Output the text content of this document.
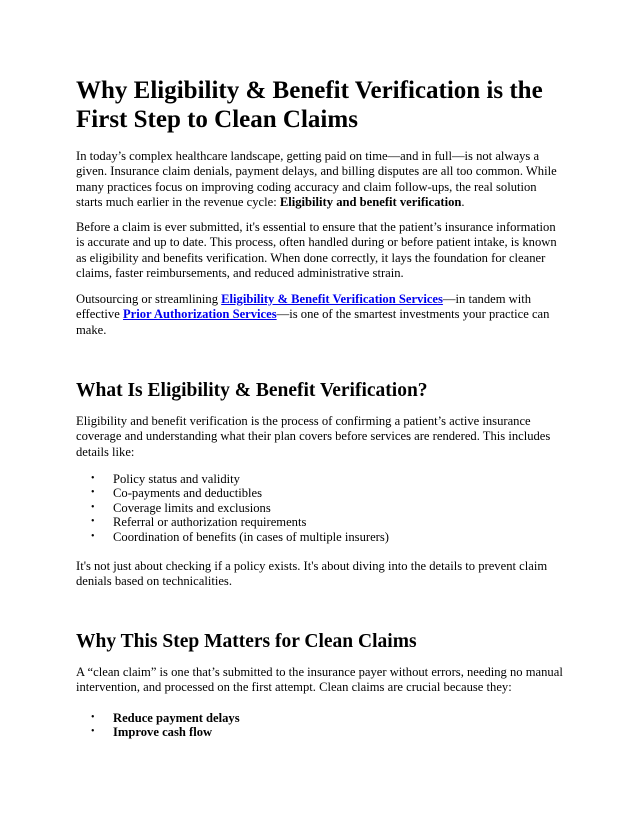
Why Eligibility & Benefit Verification is the First Step to Clean Claims

In today’s complex healthcare landscape, getting paid on time—and in full—is not always a given. Insurance claim denials, payment delays, and billing disputes are all too common. While many practices focus on improving coding accuracy and claim follow-ups, the real solution starts much earlier in the revenue cycle: Eligibility and benefit verification.

Before a claim is ever submitted, it's essential to ensure that the patient’s insurance information is accurate and up to date. This process, often handled during or before patient intake, is known as eligibility and benefits verification. When done correctly, it lays the foundation for cleaner claims, faster reimbursements, and reduced administrative strain.

Outsourcing or streamlining Eligibility & Benefit Verification Services—in tandem with effective Prior Authorization Services—is one of the smartest investments your practice can make.

What Is Eligibility & Benefit Verification?

Eligibility and benefit verification is the process of confirming a patient’s active insurance coverage and understanding what their plan covers before services are rendered. This includes details like:

• Policy status and validity
• Co-payments and deductibles
• Coverage limits and exclusions
• Referral or authorization requirements
• Coordination of benefits (in cases of multiple insurers)

It's not just about checking if a policy exists. It's about diving into the details to prevent claim denials based on technicalities.

Why This Step Matters for Clean Claims

A “clean claim” is one that’s submitted to the insurance payer without errors, needing no manual intervention, and processed on the first attempt. Clean claims are crucial because they:

• Reduce payment delays
• Improve cash flow
